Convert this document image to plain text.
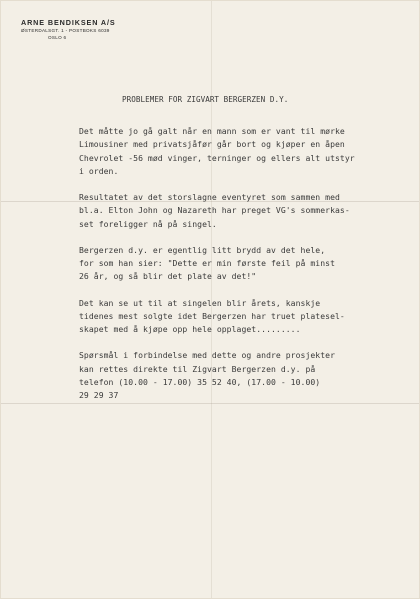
ARNE BENDIKSEN A/S
ØSTERDALSGT. 1 - POSTBOKS 6039
OSLO 6
PROBLEMER FOR ZIGVART BERGERZEN D.Y.
Det måtte jo gå galt når en mann som er vant til mørke
Limousiner med privatsjåfør går bort og kjøper en åpen
Chevrolet -56 mød vinger, terninger og ellers alt utstyr
i orden.
Resultatet av det storslagne eventyret som sammen med
bl.a. Elton John og Nazareth har preget VG's sommerkas-
set foreligger nå på singel.
Bergerzen d.y. er egentlig litt brydd av det hele,
for som han sier: "Dette er min første feil på minst
26 år, og så blir det plate av det!"
Det kan se ut til at singelen blir årets, kanskje
tidenes mest solgte idet Bergerzen har truet platesel-
skapet med å kjøpe opp hele opplaget.........
Spørsmål i forbindelse med dette og andre prosjekter
kan rettes direkte til Zigvart Bergerzen d.y. på
telefon (10.00 - 17.00) 35 52 40, (17.00 - 10.00)
29 29 37
